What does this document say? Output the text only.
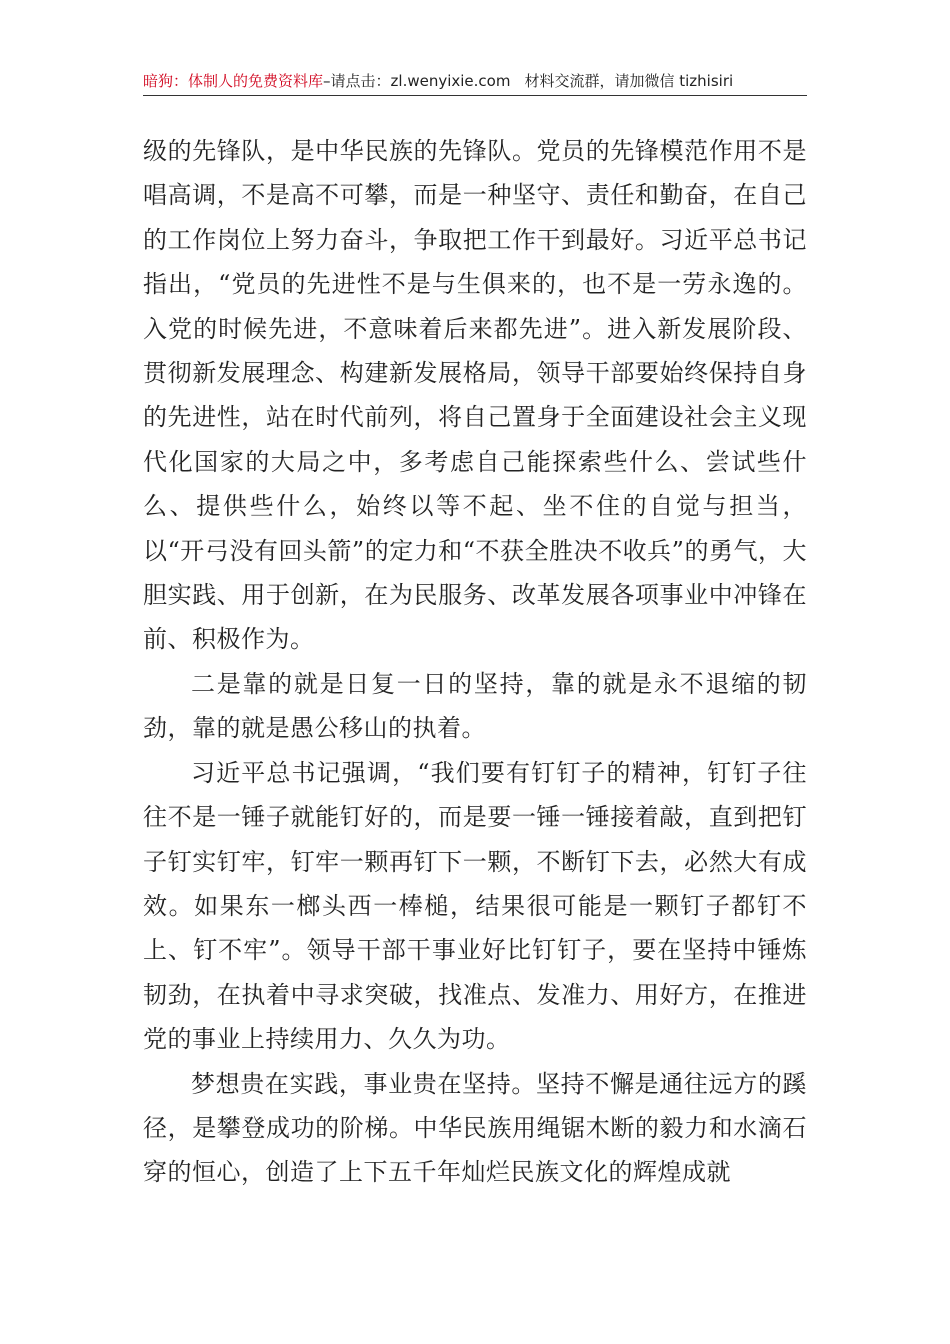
暗狗：体制人的免费资料库–请点击：zl.wenyixie.com 材料交流群，请加微信 tizhisiri

级的先锋队，是中华民族的先锋队。党员的先锋模范作用不是唱高调，不是高不可攀，而是一种坚守、责任和勤奋，在自己的工作岗位上努力奋斗，争取把工作干到最好。习近平总书记指出，“党员的先进性不是与生俱来的，也不是一劳永逸的。入党的时候先进，不意味着后来都先进”。进入新发展阶段、贯彻新发展理念、构建新发展格局，领导干部要始终保持自身的先进性，站在时代前列，将自己置身于全面建设社会主义现代化国家的大局之中，多考虑自己能探索些什么、尝试些什么、提供些什么，始终以等不起、坐不住的自觉与担当，以“开弓没有回头箭”的定力和“不获全胜决不收兵”的勇气，大胆实践、用于创新，在为民服务、改革发展各项事业中冲锋在前、积极作为。

二是靠的就是日复一日的坚持，靠的就是永不退缩的韧劲，靠的就是愚公移山的执着。

习近平总书记强调，“我们要有钉钉子的精神，钉钉子往往不是一锤子就能钉好的，而是要一锤一锤接着敲，直到把钉子钉实钉牢，钉牢一颗再钉下一颗，不断钉下去，必然大有成效。如果东一榔头西一棒槌，结果很可能是一颗钉子都钉不上、钉不牢”。领导干部干事业好比钉钉子，要在坚持中锤炼韧劲，在执着中寻求突破，找准点、发准力、用好方，在推进党的事业上持续用力、久久为功。

梦想贵在实践，事业贵在坚持。坚持不懈是通往远方的蹊径，是攀登成功的阶梯。中华民族用绳锯木断的毅力和水滴石穿的恒心，创造了上下五千年灿烂民族文化的辉煌成就
